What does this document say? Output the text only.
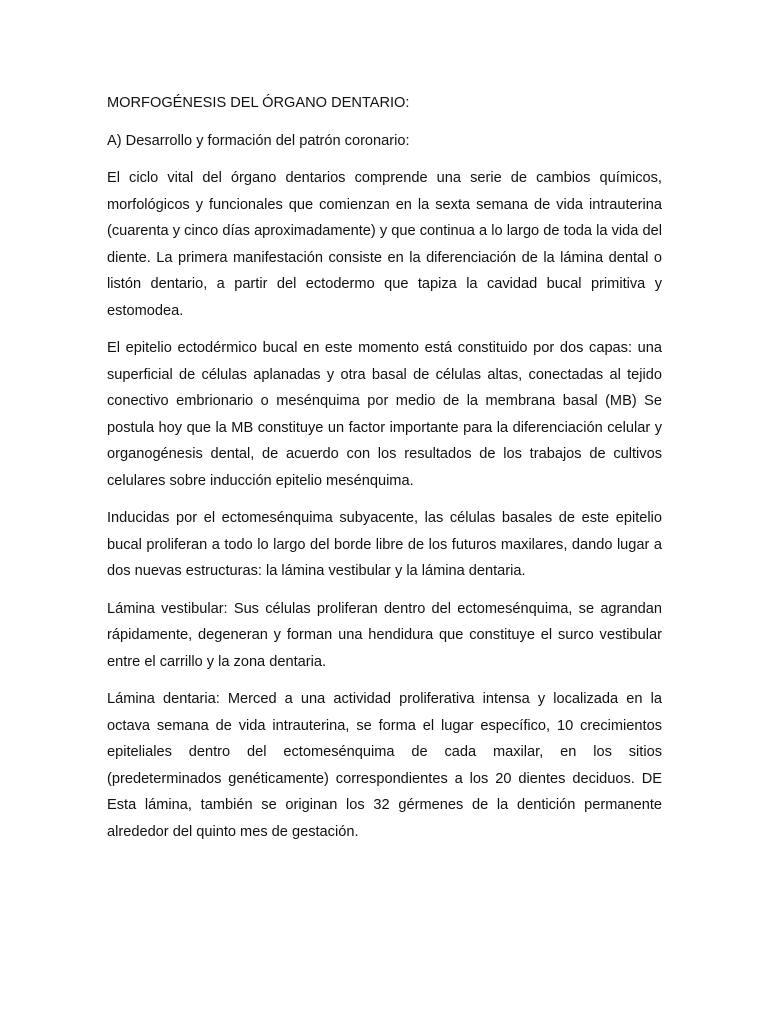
MORFOGÉNESIS DEL ÓRGANO DENTARIO:

A) Desarrollo y formación del patrón coronario:

El ciclo vital del órgano dentarios comprende una serie de cambios químicos, morfológicos y funcionales que comienzan en la sexta semana de vida intrauterina (cuarenta y cinco días aproximadamente) y que continua a lo largo de toda la vida del diente. La primera manifestación consiste en la diferenciación de la lámina dental o listón dentario, a partir del ectodermo que tapiza la cavidad bucal primitiva y estomodea.

El epitelio ectodérmico bucal en este momento está constituido por dos capas: una superficial de células aplanadas y otra basal de células altas, conectadas al tejido conectivo embrionario o mesénquima por medio de la membrana basal (MB) Se postula hoy que la MB constituye un factor importante para la diferenciación celular y organogénesis dental, de acuerdo con los resultados de los trabajos de cultivos celulares sobre inducción epitelio mesénquima.

Inducidas por el ectomesénquima subyacente, las células basales de este epitelio bucal proliferan a todo lo largo del borde libre de los futuros maxilares, dando lugar a dos nuevas estructuras: la lámina vestibular y la lámina dentaria.

Lámina vestibular: Sus células proliferan dentro del ectomesénquima, se agrandan rápidamente, degeneran y forman una hendidura que constituye el surco vestibular entre el carrillo y la zona dentaria.

Lámina dentaria: Merced a una actividad proliferativa intensa y localizada en la octava semana de vida intrauterina, se forma el lugar específico, 10 crecimientos epiteliales dentro del ectomesénquima de cada maxilar, en los sitios (predeterminados genéticamente) correspondientes a los 20 dientes deciduos. DE Esta lámina, también se originan los 32 gérmenes de la dentición permanente alrededor del quinto mes de gestación.
